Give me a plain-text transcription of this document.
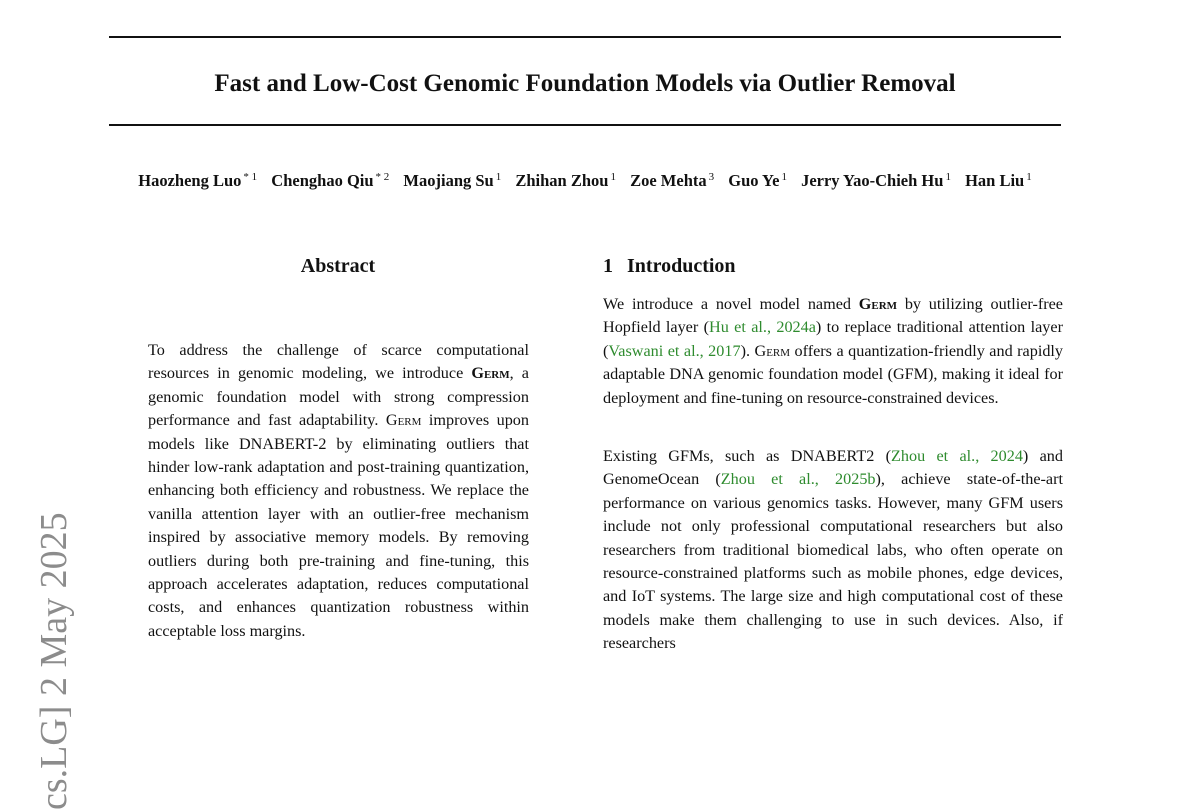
Fast and Low-Cost Genomic Foundation Models via Outlier Removal
Haozheng Luo $^{* 1}$ Chenghao Qiu $^{* 2}$ Maojiang Su $^1$ Zhihan Zhou $^1$ Zoe Mehta $^3$ Guo Ye $^1$ Jerry Yao-Chieh Hu $^1$ Han Liu $^1$
cs.LG] 2 May 2025
Abstract
To address the challenge of scarce computational resources in genomic modeling, we introduce Germ, a genomic foundation model with strong compression performance and fast adaptability. Germ improves upon models like DNABERT-2 by eliminating outliers that hinder low-rank adaptation and post-training quantization, enhancing both efficiency and robustness. We replace the vanilla attention layer with an outlier-free mechanism inspired by associative memory models. By removing outliers during both pre-training and fine-tuning, this approach accelerates adaptation, reduces computational costs, and enhances quantization robustness within acceptable loss margins.
1 Introduction

We introduce a novel model named Germ by utilizing outlier-free Hopfield layer (Hu et al., 2024a) to replace traditional attention layer (Vaswani et al., 2017). Germ offers a quantization-friendly and rapidly adaptable DNA genomic foundation model (GFM), making it ideal for deployment and fine-tuning on resource-constrained devices.

Existing GFMs, such as DNABERT2 (Zhou et al., 2024) and GenomeOcean (Zhou et al., 2025b), achieve state-of-the-art performance on various genomics tasks. However, many GFM users include not only professional computational researchers but also researchers from traditional biomedical labs, who often operate on resource-constrained platforms such as mobile phones, edge devices, and IoT systems. The large size and high computational cost of these models make them challenging to use in such devices. Also, if researchers
